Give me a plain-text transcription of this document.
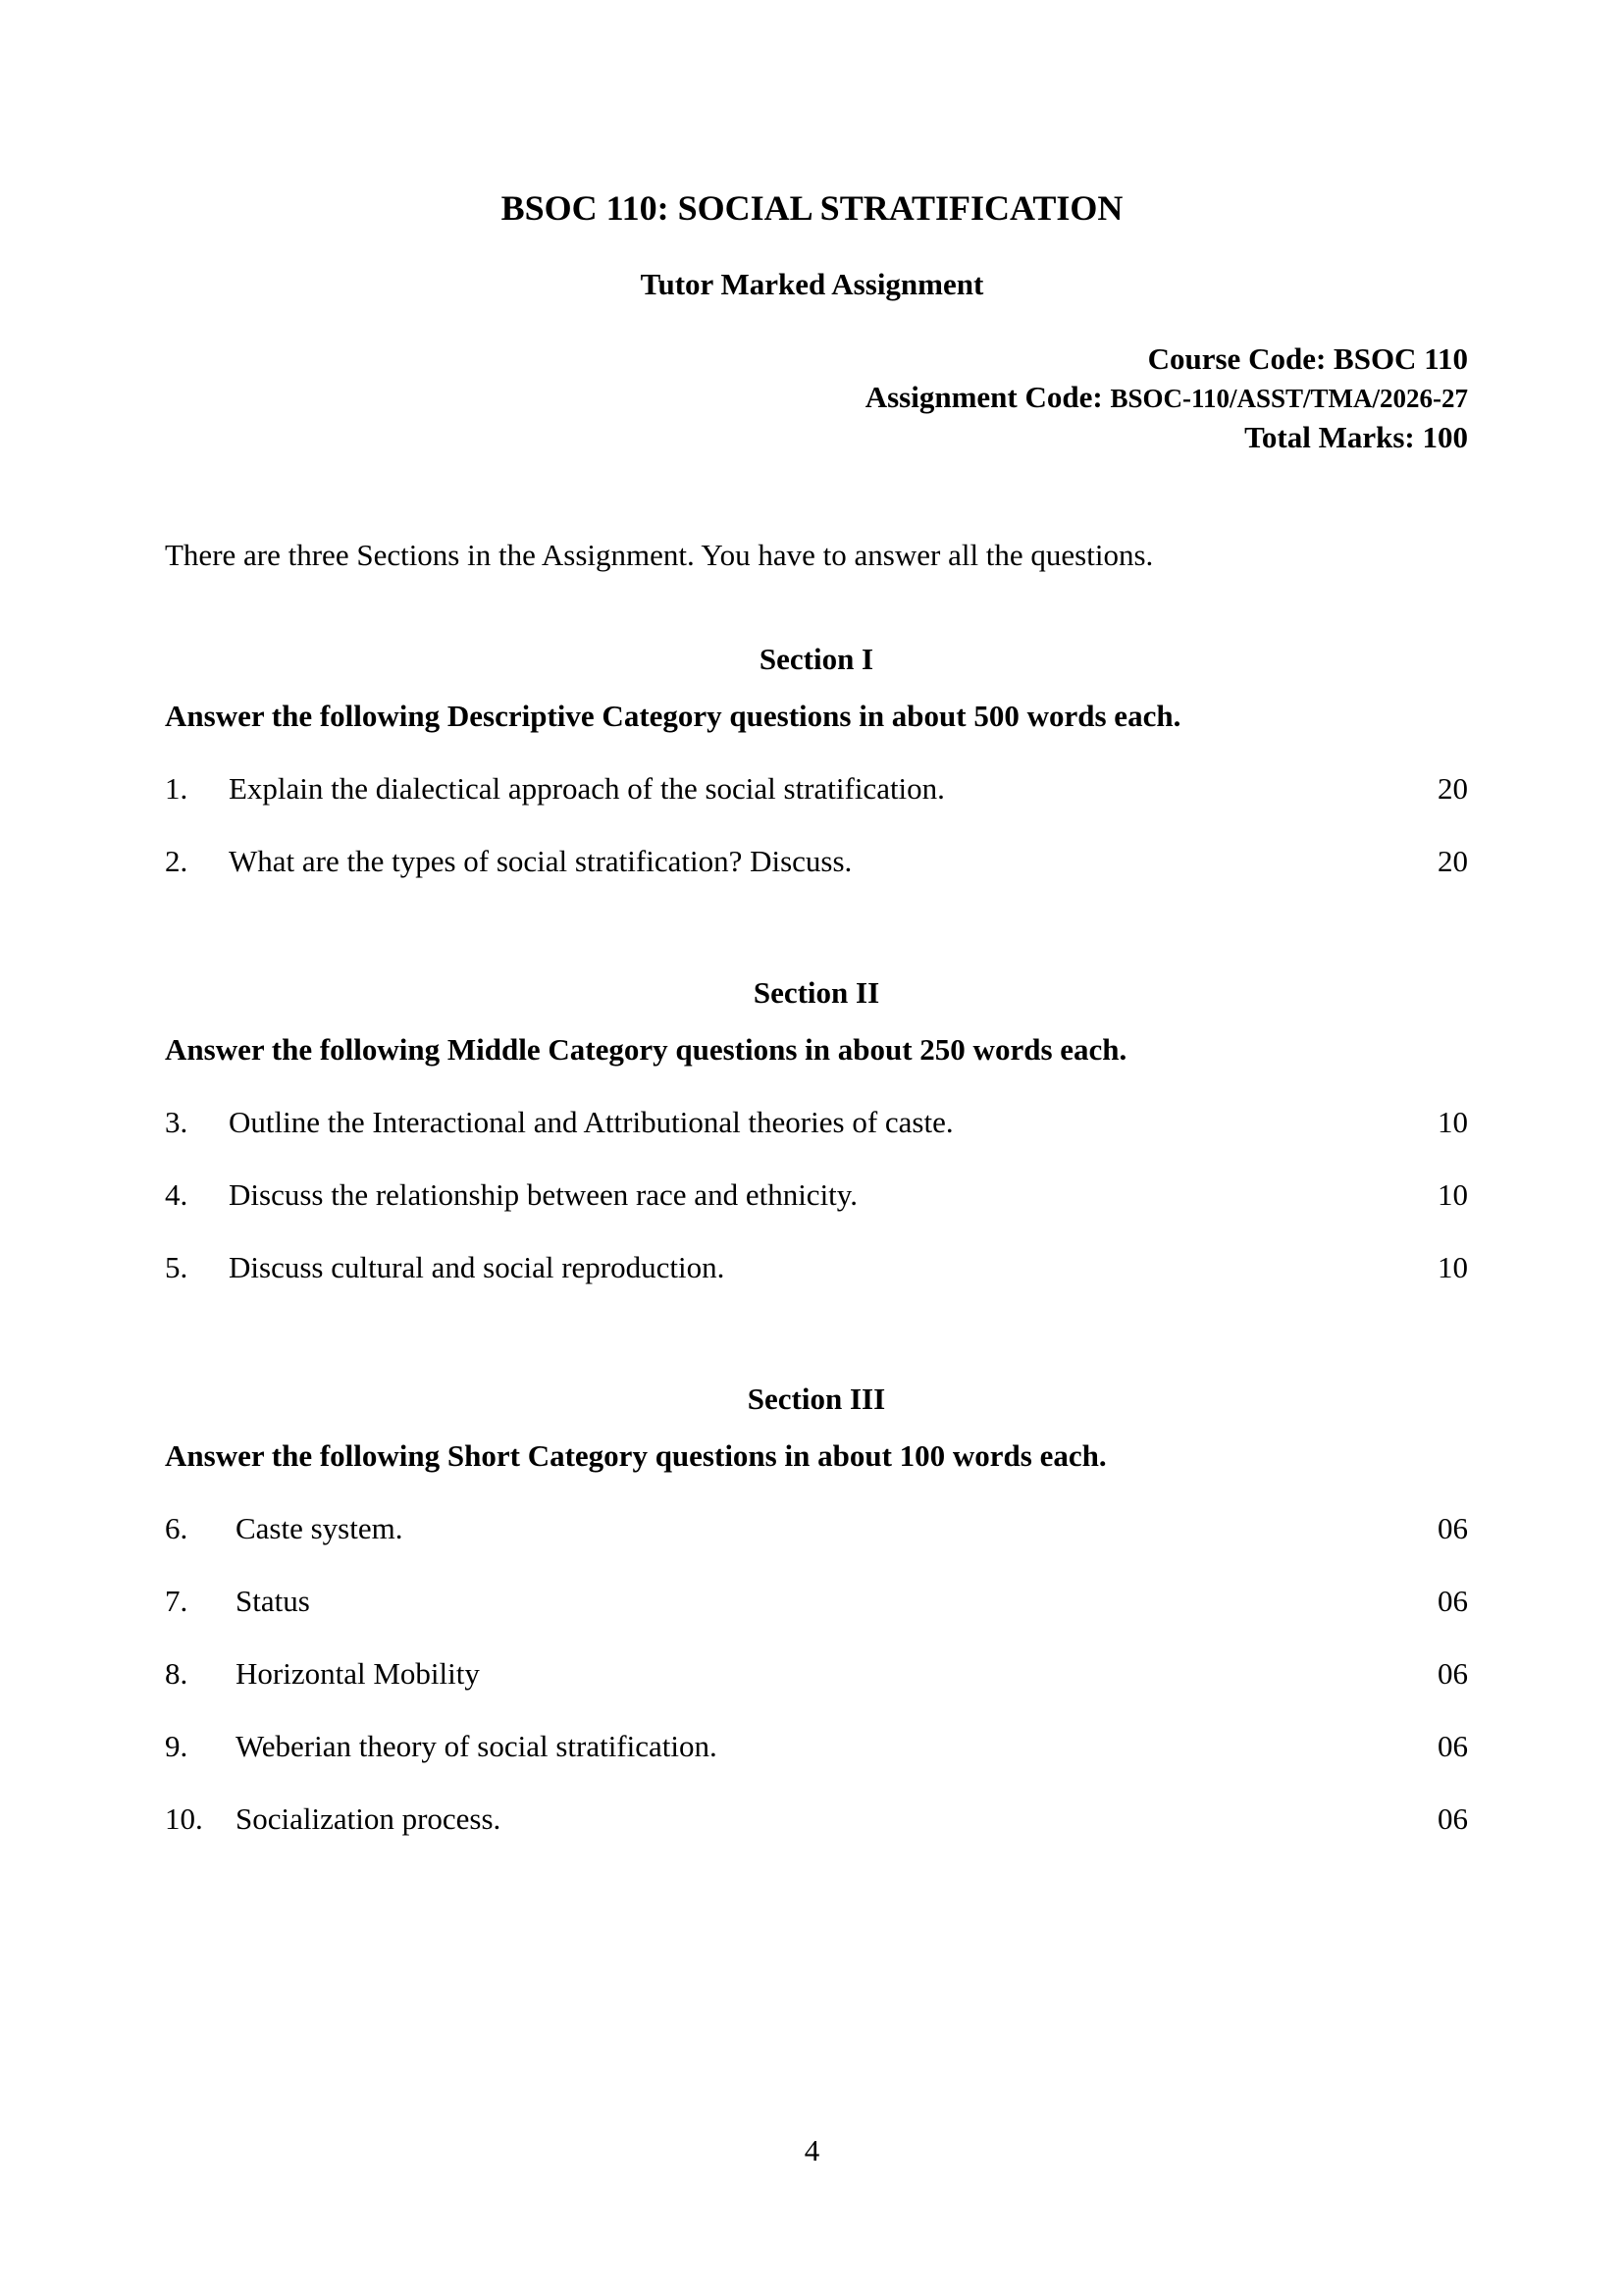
BSOC 110: SOCIAL STRATIFICATION
Tutor Marked Assignment
Course Code: BSOC 110
Assignment Code: BSOC-110/ASST/TMA/2026-27
Total Marks: 100
There are three Sections in the Assignment. You have to answer all the questions.
Section I
Answer the following Descriptive Category questions in about 500 words each.
1. Explain the dialectical approach of the social stratification.	20
2. What are the types of social stratification? Discuss.	20
Section II
Answer the following Middle Category questions in about 250 words each.
3. Outline the Interactional and Attributional theories of caste.	10
4. Discuss the relationship between race and ethnicity.	10
5. Discuss cultural and social reproduction.	10
Section III
Answer the following Short Category questions in about 100 words each.
6. Caste system.	06
7. Status	06
8. Horizontal Mobility	06
9. Weberian theory of social stratification.	06
10. Socialization process.	06
4
